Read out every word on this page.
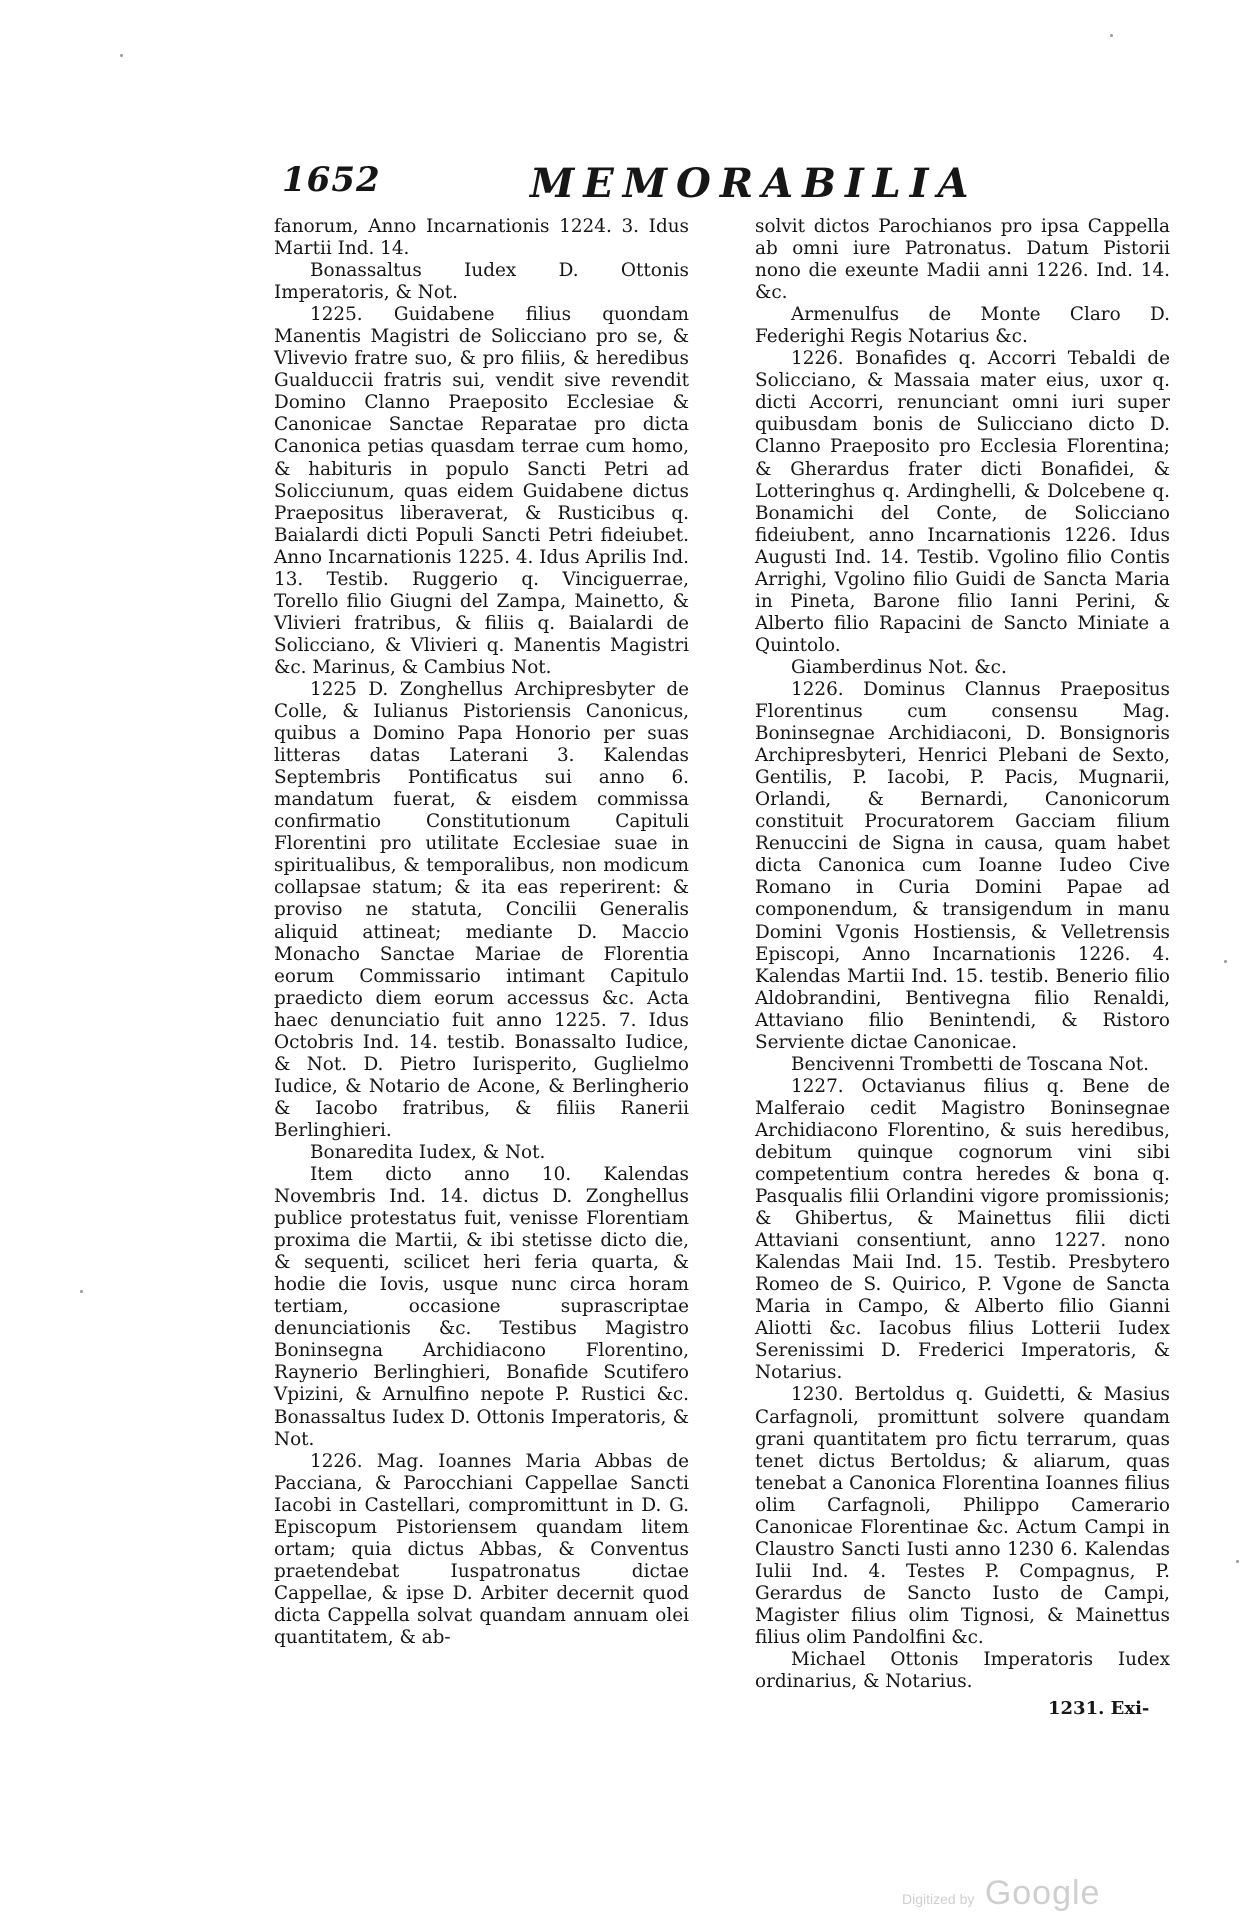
1652	MEMORABILIA

fanorum, Anno Incarnationis 1224. 3. Idus Martii Ind. 14.

Bonassaltus Iudex D. Ottonis Imperatoris, & Not.

1225. Guidabene filius quondam Manentis Magistri de Solicciano pro se, & Vlivevio fratre suo, & pro filiis, & heredibus Gualduccii fratris sui, vendit sive revendit Domino Clanno Praeposito Ecclesiae & Canonicae Sanctae Reparatae pro dicta Canonica petias quasdam terrae cum homo, & habituris in populo Sancti Petri ad Solicciunum, quas eidem Guidabene dictus Praepositus liberaverat, & Rusticibus q. Baialardi dicti Populi Sancti Petri fideiubet. Anno Incarnationis 1225. 4. Idus Aprilis Ind. 13. Testib. Ruggerio q. Vinciguerrae, Torello filio Giugni del Zampa, Mainetto, & Vlivieri fratribus, & filiis q. Baialardi de Solicciano, & Vlivieri q. Manentis Magistri &c. Marinus, & Cambius Not.

1225 D. Zonghellus Archipresbyter de Colle, & Iulianus Pistoriensis Canonicus, quibus a Domino Papa Honorio per suas litteras datas Laterani 3. Kalendas Septembris Pontificatus sui anno 6. mandatum fuerat, & eisdem commissa confirmatio Constitutionum Capituli Florentini pro utilitate Ecclesiae suae in spiritualibus, & temporalibus, non modicum collapsae statum; & ita eas reperirent: & proviso ne statuta, Concilii Generalis aliquid attineat; mediante D. Maccio Monacho Sanctae Mariae de Florentia eorum Commissario intimant Capitulo praedicto diem eorum accessus &c. Acta haec denunciatio fuit anno 1225. 7. Idus Octobris Ind. 14. testib. Bonassalto Iudice, & Not. D. Pietro Iurisperito, Guglielmo Iudice, & Notario de Acone, & Berlingherio & Iacobo fratribus, & filiis Ranerii Berlinghieri.

Bonaredita Iudex, & Not.

Item dicto anno 10. Kalendas Novembris Ind. 14. dictus D. Zonghellus publice protestatus fuit, venisse Florentiam proxima die Martii, & ibi stetisse dicto die, & sequenti, scilicet heri feria quarta, & hodie die Iovis, usque nunc circa horam tertiam, occasione suprascriptae denunciationis &c. Testibus Magistro Boninsegna Archidiacono Florentino, Raynerio Berlinghieri, Bonafide Scutifero Vpizini, & Arnulfino nepote P. Rustici &c. Bonassaltus Iudex D. Ottonis Imperatoris, & Not.

1226. Mag. Ioannes Maria Abbas de Pacciana, & Parocchiani Cappellae Sancti Iacobi in Castellari, compromittunt in D. G. Episcopum Pistoriensem quandam litem ortam; quia dictus Abbas, & Conventus praetendebat Iuspatronatus dictae Cappellae, & ipse D. Arbiter decernit quod dicta Cappella solvat quandam annuam olei quantitatem, & ab-

solvit dictos Parochianos pro ipsa Cappella ab omni iure Patronatus. Datum Pistorii nono die exeunte Madii anni 1226. Ind. 14. &c.

Armenulfus de Monte Claro D. Federighi Regis Notarius &c.

1226. Bonafides q. Accorri Tebaldi de Solicciano, & Massaia mater eius, uxor q. dicti Accorri, renunciant omni iuri super quibusdam bonis de Sulicciano dicto D. Clanno Praeposito pro Ecclesia Florentina; & Gherardus frater dicti Bonafidei, & Lotteringhus q. Ardinghelli, & Dolcebene q. Bonamichi del Conte, de Solicciano fideiubent, anno Incarnationis 1226. Idus Augusti Ind. 14. Testib. Vgolino filio Contis Arrighi, Vgolino filio Guidi de Sancta Maria in Pineta, Barone filio Ianni Perini, & Alberto filio Rapacini de Sancto Miniate a Quintolo.

Giamberdinus Not. &c.

1226. Dominus Clannus Praepositus Florentinus cum consensu Mag. Boninsegnae Archidiaconi, D. Bonsignoris Archipresbyteri, Henrici Plebani de Sexto, Gentilis, P. Iacobi, P. Pacis, Mugnarii, Orlandi, & Bernardi, Canonicorum constituit Procuratorem Gacciam filium Renuccini de Signa in causa, quam habet dicta Canonica cum Ioanne Iudeo Cive Romano in Curia Domini Papae ad componendum, & transigendum in manu Domini Vgonis Hostiensis, & Velletrensis Episcopi, Anno Incarnationis 1226. 4. Kalendas Martii Ind. 15. testib. Benerio filio Aldobrandini, Bentivegna filio Renaldi, Attaviano filio Benintendi, & Ristoro Serviente dictae Canonicae.

Bencivenni Trombetti de Toscana Not.

1227. Octavianus filius q. Bene de Malferaio cedit Magistro Boninsegnae Archidiacono Florentino, & suis heredibus, debitum quinque cognorum vini sibi competentium contra heredes & bona q. Pasqualis filii Orlandini vigore promissionis; & Ghibertus, & Mainettus filii dicti Attaviani consentiunt, anno 1227. nono Kalendas Maii Ind. 15. Testib. Presbytero Romeo de S. Quirico, P. Vgone de Sancta Maria in Campo, & Alberto filio Gianni Aliotti &c. Iacobus filius Lotterii Iudex Serenissimi D. Frederici Imperatoris, & Notarius.

1230. Bertoldus q. Guidetti, & Masius Carfagnoli, promittunt solvere quandam grani quantitatem pro fictu terrarum, quas tenet dictus Bertoldus; & aliarum, quas tenebat a Canonica Florentina Ioannes filius olim Carfagnoli, Philippo Camerario Canonicae Florentinae &c. Actum Campi in Claustro Sancti Iusti anno 1230 6. Kalendas Iulii Ind. 4. Testes P. Compagnus, P. Gerardus de Sancto Iusto de Campi, Magister filius olim Tignosi, & Mainettus filius olim Pandolfini &c.

Michael Ottonis Imperatoris Iudex ordinarius, & Notarius.

1231. Exi-
Digitized by Google
